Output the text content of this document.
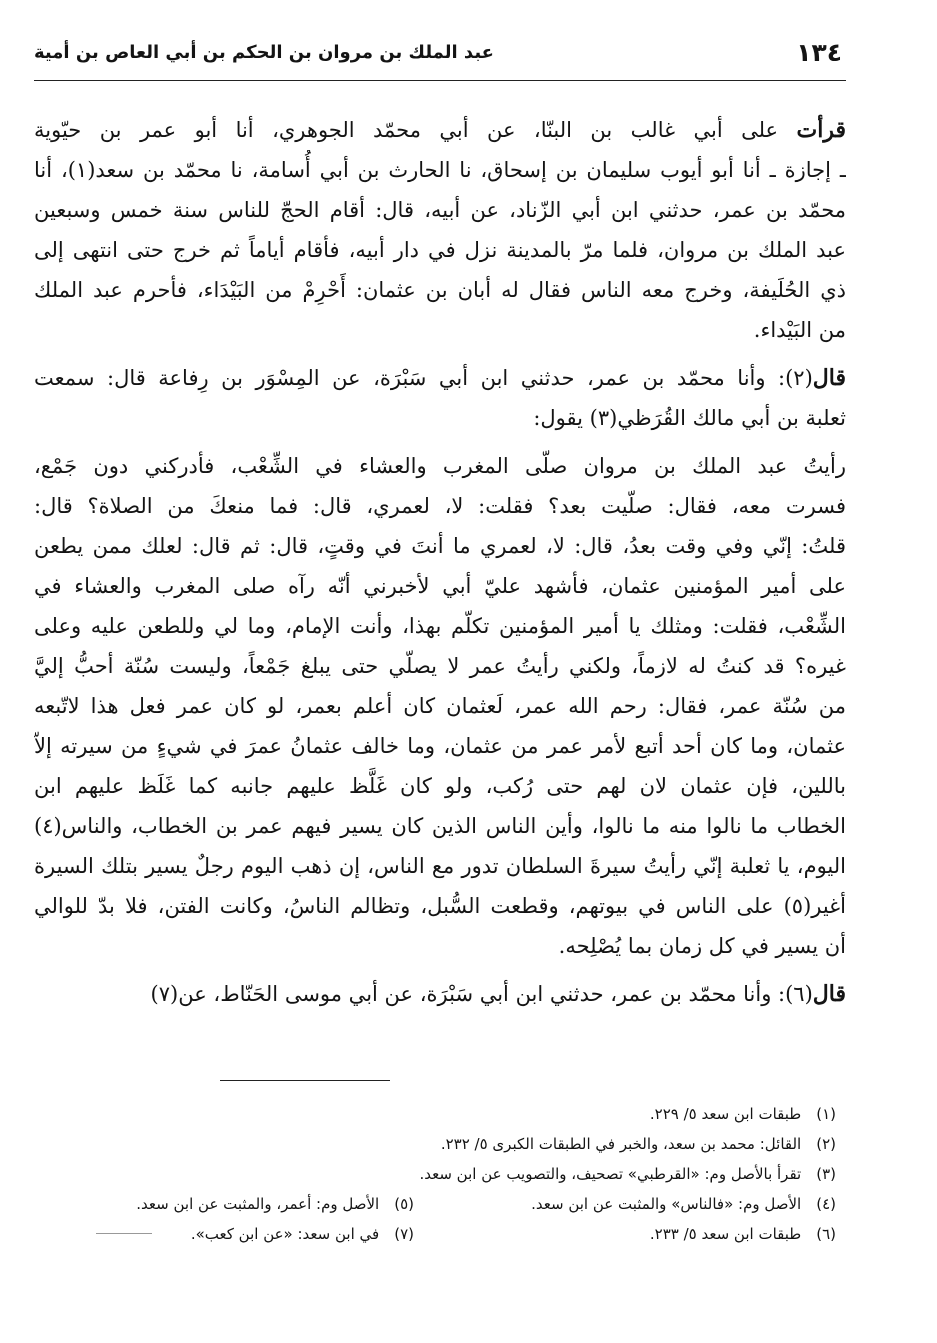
١٣٤
عبد الملك بن مروان بن الحكم بن أبي العاص بن أمية
قرأت على أبي غالب بن البنّا، عن أبي محمّد الجوهري، أنا أبو عمر بن حيّوية
ـ إجازة ـ أنا أبو أيوب سليمان بن إسحاق، نا الحارث بن أبي أُسامة، نا محمّد بن سعد(١)، أنا
محمّد بن عمر، حدثني ابن أبي الزّناد، عن أبيه، قال: أقام الحجّ للناس سنة خمس وسبعين
عبد الملك بن مروان، فلما مرّ بالمدينة نزل في دار أبيه، فأقام أياماً ثم خرج حتى انتهى إلى
ذي الحُلَيفة، وخرج معه الناس فقال له أبان بن عثمان: أَحْرِمْ من البَيْدَاء، فأحرم عبد الملك
من البَيْداء.
قال(٢): وأنا محمّد بن عمر، حدثني ابن أبي سَبْرَة، عن المِسْوَر بن رِفاعة قال: سمعت
ثعلبة بن أبي مالك القُرَظي(٣) يقول:
رأيتُ عبد الملك بن مروان صلّى المغرب والعشاء في الشِّعْب، فأدركني دون جَمْع،
فسرت معه، فقال: صلّيت بعد؟ فقلت: لا، لعمري، قال: فما منعكَ من الصلاة؟ قال:
قلتُ: إنّي وفي وقت بعدُ، قال: لا، لعمري ما أنتَ في وقتٍ، قال: ثم قال: لعلك ممن يطعن
على أمير المؤمنين عثمان، فأشهد عليّ أبي لأخبرني أنّه رآه صلى المغرب والعشاء في
الشِّعْب، فقلت: ومثلك يا أمير المؤمنين تكلّم بهذا، وأنت الإمام، وما لي وللطعن عليه وعلى
غيره؟ قد كنتُ له لازماً، ولكني رأيتُ عمر لا يصلّي حتى يبلغ جَمْعاً، وليست سُنّة أحبُّ إليَّ
من سُنّة عمر، فقال: رحم الله عمر، لَعثمان كان أعلم بعمر، لو كان عمر فعل هذا لاتّبعه
عثمان، وما كان أحد أتبع لأمر عمر من عثمان، وما خالف عثمانُ عمرَ في شيءٍ من سيرته إلاّ
باللين، فإن عثمان لان لهم حتى رُكب، ولو كان غَلَّظ عليهم جانبه كما غَلَظ عليهم ابن
الخطاب ما نالوا منه ما نالوا، وأين الناس الذين كان يسير فيهم عمر بن الخطاب، والناس(٤)
اليوم، يا ثعلبة إنّي رأيتُ سيرةَ السلطان تدور مع الناس، إن ذهب اليوم رجلٌ يسير بتلك السيرة
أغير(٥) على الناس في بيوتهم، وقطعت السُّبل، وتظالم الناسُ، وكانت الفتن، فلا بدّ للوالي
أن يسير في كل زمان بما يُصْلِحه.
قال(٦): وأنا محمّد بن عمر، حدثني ابن أبي سَبْرَة، عن أبي موسى الحَنّاط، عن(٧)
(١) طبقات ابن سعد ٥/ ٢٢٩.
(٢) القائل: محمد بن سعد، والخبر في الطبقات الكبرى ٥/ ٢٣٢.
(٣) تقرأ بالأصل وم: «القرطبي» تصحيف، والتصويب عن ابن سعد.
(٤) الأصل وم: «فالناس» والمثبت عن ابن سعد.
(٥) الأصل وم: أعمر، والمثبت عن ابن سعد.
(٦) طبقات ابن سعد ٥/ ٢٣٣.
(٧) في ابن سعد: «عن ابن كعب».
